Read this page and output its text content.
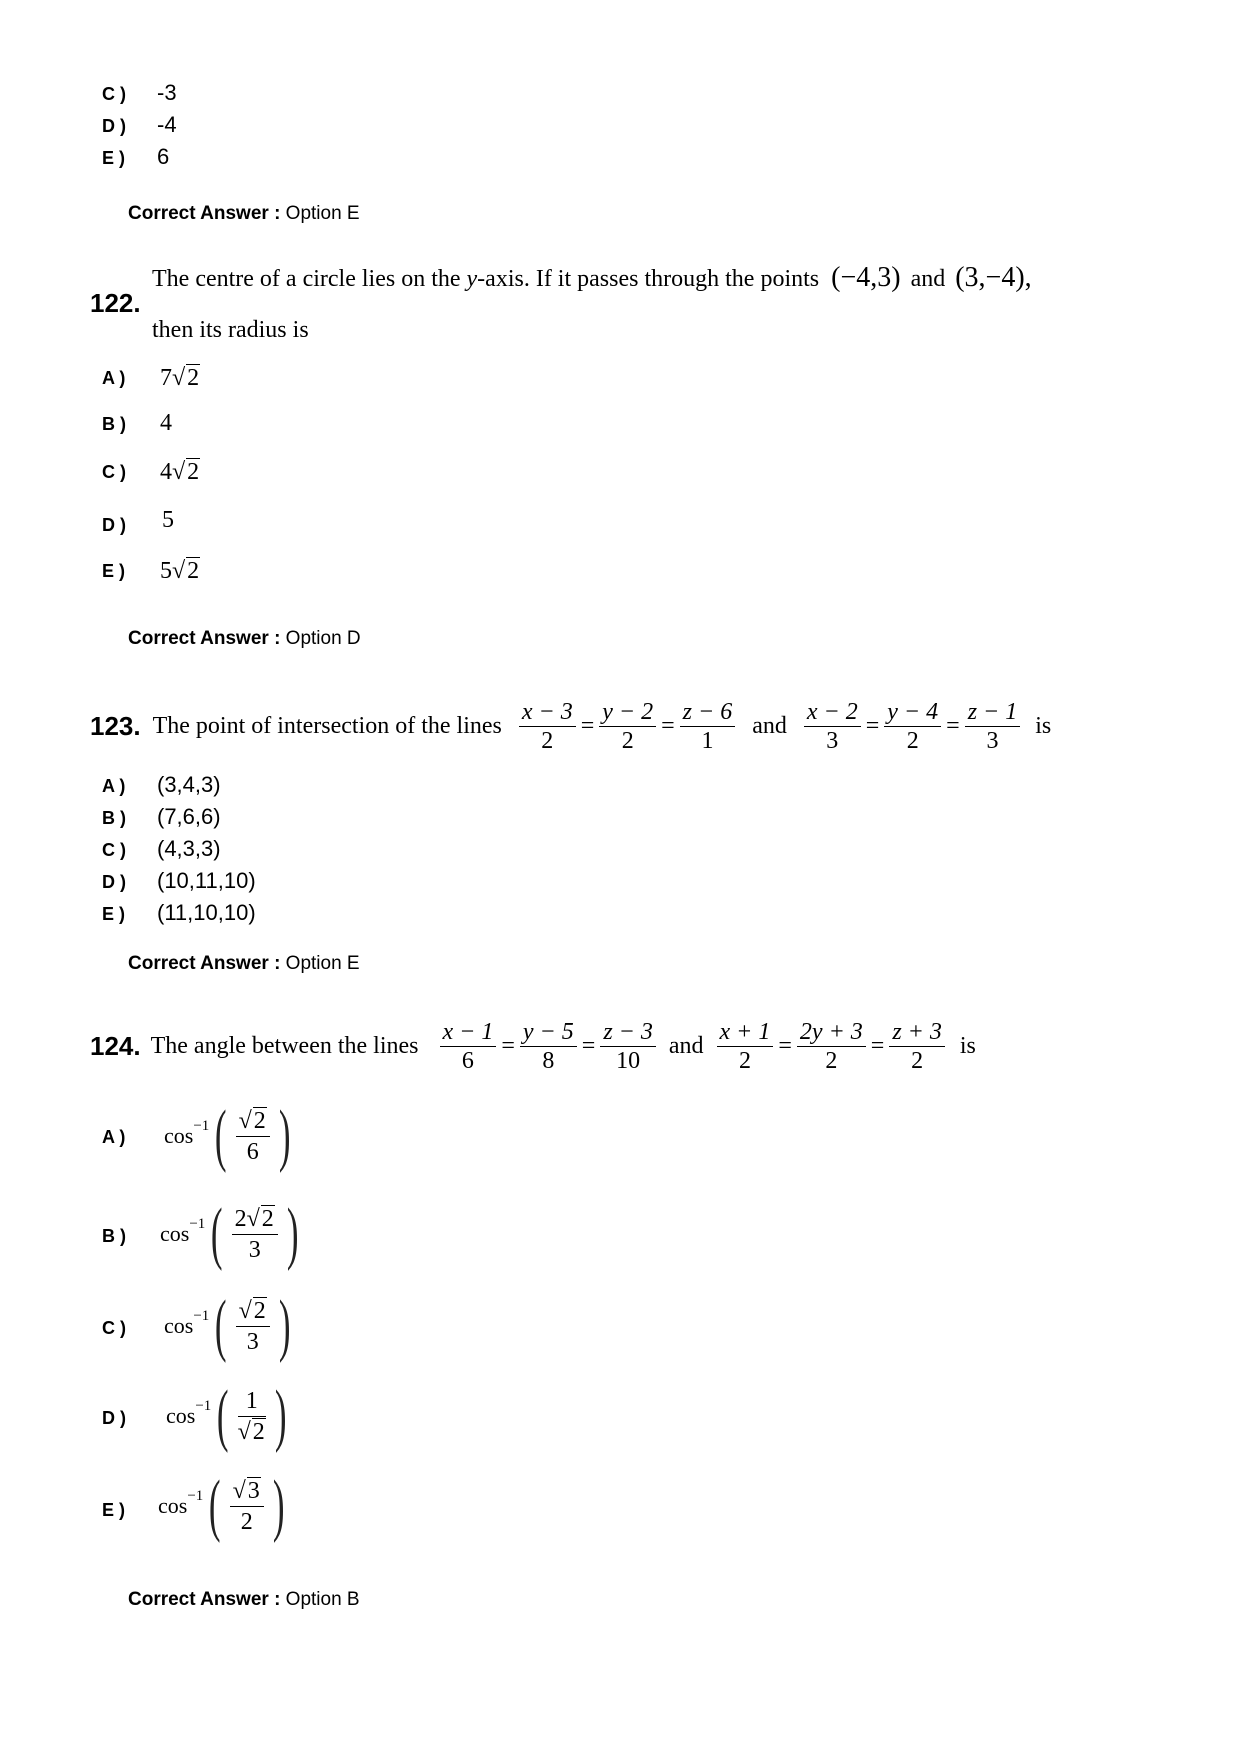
C ) -3
D ) -4
E ) 6
Correct Answer : Option E
122.
The centre of a circle lies on the y-axis. If it passes through the points (−4,3) and (3,−4),
then its radius is
A ) 7√2
B ) 4
C ) 4√2
D ) 5
E ) 5√2
Correct Answer : Option D
123. The point of intersection of the lines $\frac{x - 3}{2} = \frac{y - 2}{2} = \frac{z - 6}{1}$ and $\frac{x - 2}{3} = \frac{y - 4}{2} = \frac{z - 1}{3}$ is
A ) (3,4,3)
B ) (7,6,6)
C ) (4,3,3)
D ) (10,11,10)
E ) (11,10,10)
Correct Answer : Option E
124. The angle between the lines $\frac{x - 1}{6} = \frac{y - 5}{8} = \frac{z - 3}{10}$ and $\frac{x + 1}{2} = \frac{2y + 3}{2} = \frac{z + 3}{2}$ is
A ) cos −1 ( $\frac{√2}{6}$ )
B ) cos −1 ( $\frac{2√2}{3}$ )
C ) cos −1 ( $\frac{√2}{3}$ )
D ) cos −1 ( $\frac{1}{√2}$ )
E ) cos −1 ( $\frac{√3}{2}$ )
Correct Answer : Option B
